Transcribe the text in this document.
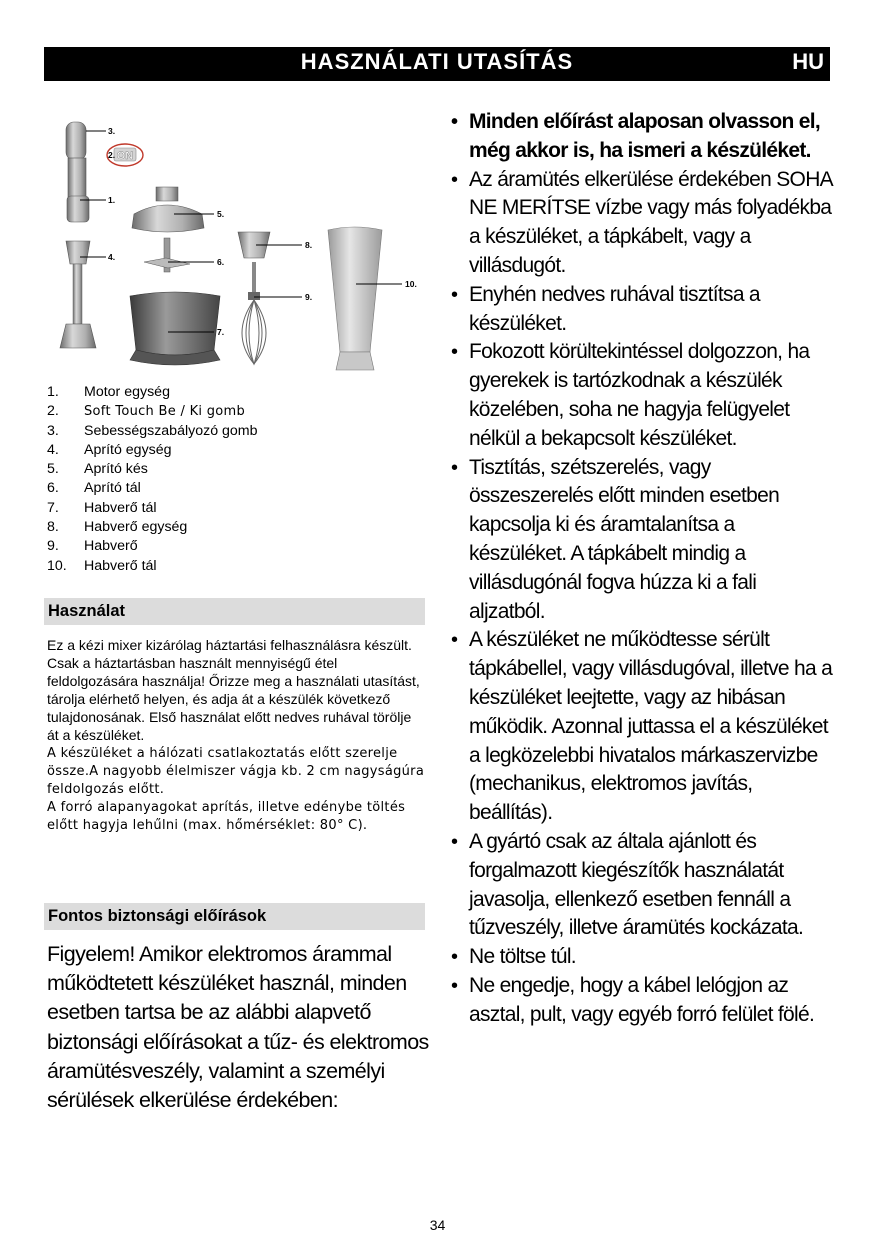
HASZNÁLATI UTASÍTÁS	HU
ON
3.
2.
1.
4.
5.
6.
7.
8.
9.
10.
1. Motor egység
2. Soft Touch Be / Ki gomb
3. Sebességszabályozó gomb
4. Aprító egység
5. Aprító kés
6. Aprító tál
7. Habverő tál
8. Habverő egység
9. Habverő
10. Habverő tál
Használat

Ez a kézi mixer kizárólag háztartási felhasználásra készült. Csak a háztartásban használt mennyiségű étel feldolgozására használja! Őrizze meg a használati utasítást, tárolja elérhető helyen, és adja át a készülék következő tulajdonosának. Első használat előtt nedves ruhával törölje át a készüléket.

A készüléket a hálózati csatlakoztatás előtt szerelje össze.A nagyobb élelmiszer vágja kb. 2 cm nagyságúra feldolgozás előtt.

A forró alapanyagokat aprítás, illetve edénybe töltés előtt hagyja lehűlni (max. hőmérséklet: 80° C).

Fontos biztonsági előírások
Figyelem! Amikor elektromos árammal működtetett készüléket használ, minden esetben tartsa be az alábbi alapvető biztonsági előírásokat a tűz- és elektromos áramütésveszély, valamint a személyi sérülések elkerülése érdekében:
• Minden előírást alaposan olvasson el, még akkor is, ha ismeri a készüléket.
• Az áramütés elkerülése érdekében SOHA NE MERÍTSE vízbe vagy más folyadékba a készüléket, a tápkábelt, vagy a villásdugót.
• Enyhén nedves ruhával tisztítsa a készüléket.
• Fokozott körültekintéssel dolgozzon, ha gyerekek is tartózkodnak a készülék közelében, soha ne hagyja felügyelet nélkül a bekapcsolt készüléket.
• Tisztítás, szétszerelés, vagy összeszerelés előtt minden esetben kapcsolja ki és áramtalanítsa a készüléket. A tápkábelt mindig a villásdugónál fogva húzza ki a fali aljzatból.
• A készüléket ne működtesse sérült tápkábellel, vagy villásdugóval, illetve ha a készüléket leejtette, vagy az hibásan működik. Azonnal juttassa el a készüléket a legközelebbi hivatalos márkaszervizbe (mechanikus, elektromos javítás, beállítás).
• A gyártó csak az általa ajánlott és forgalmazott kiegészítők használatát javasolja, ellenkező esetben fennáll a tűzveszély, illetve áramütés kockázata.
• Ne töltse túl.
• Ne engedje, hogy a kábel lelógjon az asztal, pult, vagy egyéb forró felület fölé.
34
